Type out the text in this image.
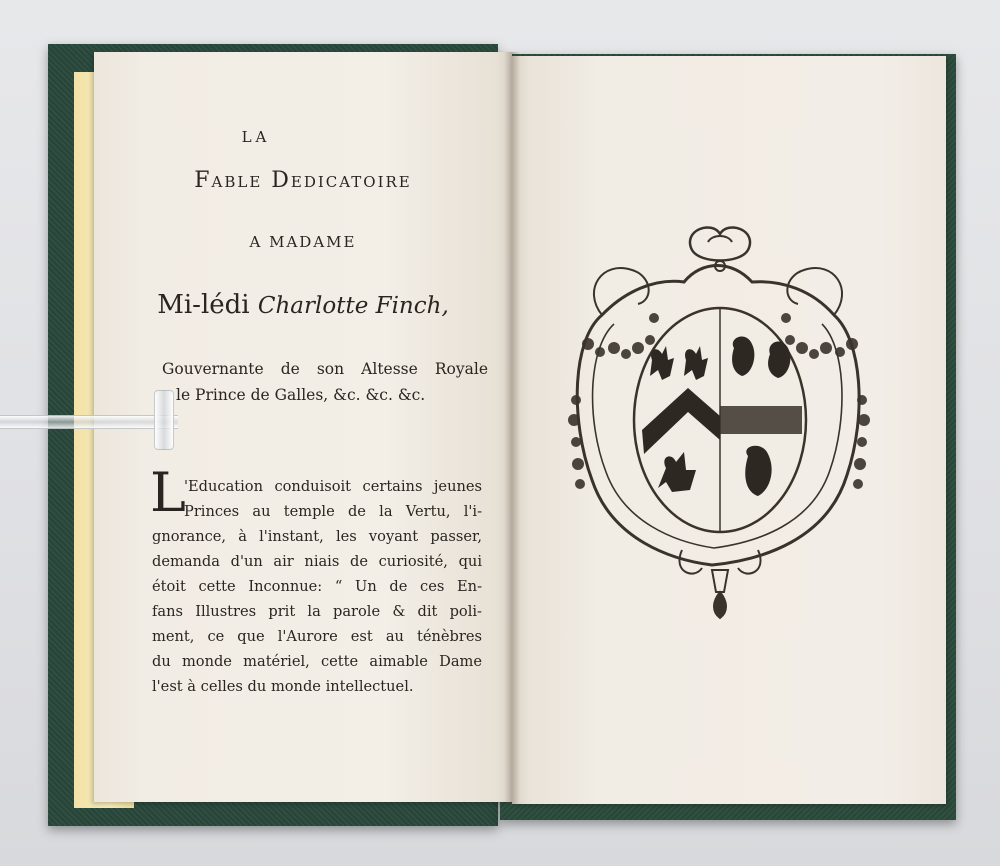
LA
Fable Dedicatoire
A MADAME
Mi-lédi Charlotte Finch,
Gouvernante de son Altesse Royale
le Prince de Galles, &c. &c. &c.
L
'Education conduisoit certains jeunes
Princes au temple de la Vertu, l'i-
gnorance, à l'instant, les voyant passer,
demanda d'un air niais de curiosité, qui
étoit cette Inconnue: “ Un de ces En-
fans Illustres prit la parole & dit poli-
ment, ce que l'Aurore est au ténèbres
du monde matériel, cette aimable Dame
l'est à celles du monde intellectuel.
